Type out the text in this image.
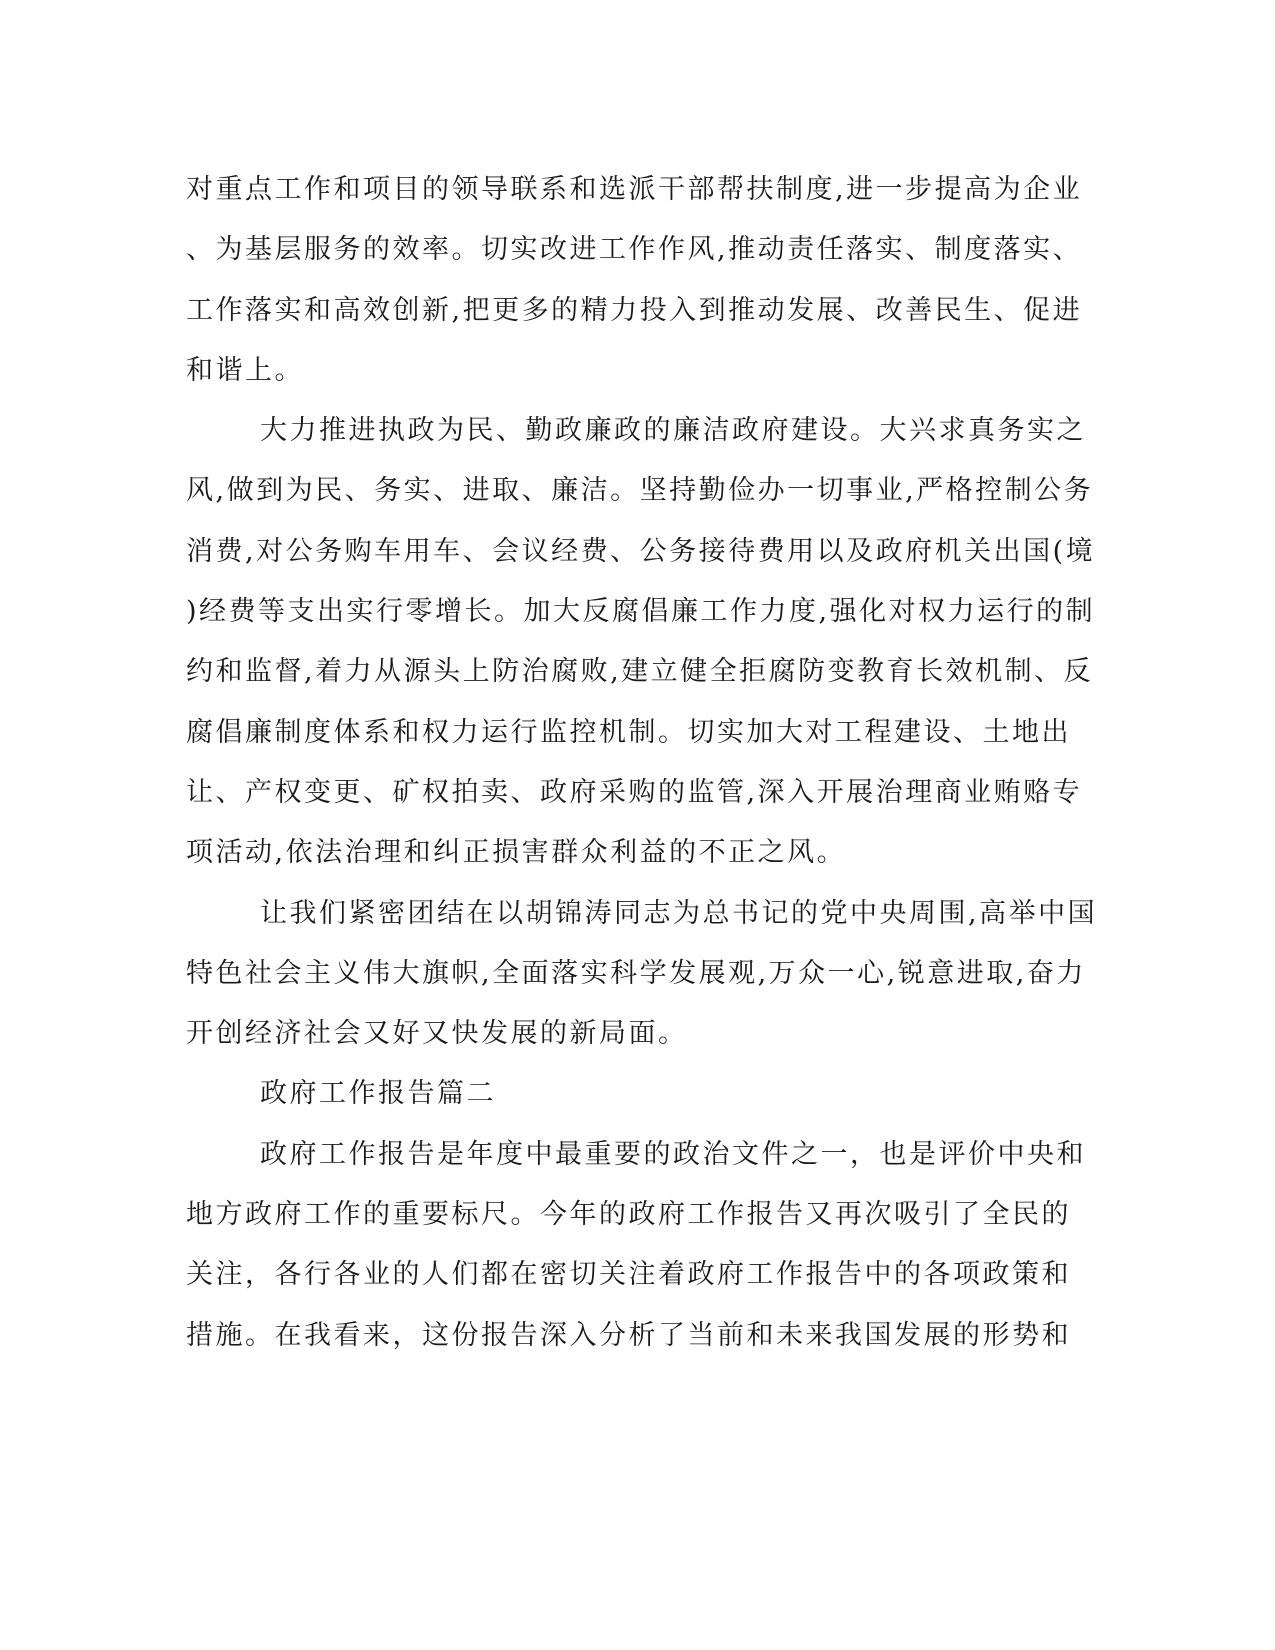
对重点工作和项目的领导联系和选派干部帮扶制度,进一步提高为企业
、为基层服务的效率。切实改进工作作风,推动责任落实、制度落实、
工作落实和高效创新,把更多的精力投入到推动发展、改善民生、促进
和谐上。

大力推进执政为民、勤政廉政的廉洁政府建设。大兴求真务实之
风,做到为民、务实、进取、廉洁。坚持勤俭办一切事业,严格控制公务
消费,对公务购车用车、会议经费、公务接待费用以及政府机关出国(境
)经费等支出实行零增长。加大反腐倡廉工作力度,强化对权力运行的制
约和监督,着力从源头上防治腐败,建立健全拒腐防变教育长效机制、反
腐倡廉制度体系和权力运行监控机制。切实加大对工程建设、土地出
让、产权变更、矿权拍卖、政府采购的监管,深入开展治理商业贿赂专
项活动,依法治理和纠正损害群众利益的不正之风。

让我们紧密团结在以胡锦涛同志为总书记的党中央周围,高举中国
特色社会主义伟大旗帜,全面落实科学发展观,万众一心,锐意进取,奋力
开创经济社会又好又快发展的新局面。

政府工作报告篇二

政府工作报告是年度中最重要的政治文件之一，也是评价中央和
地方政府工作的重要标尺。今年的政府工作报告又再次吸引了全民的
关注，各行各业的人们都在密切关注着政府工作报告中的各项政策和
措施。在我看来，这份报告深入分析了当前和未来我国发展的形势和
